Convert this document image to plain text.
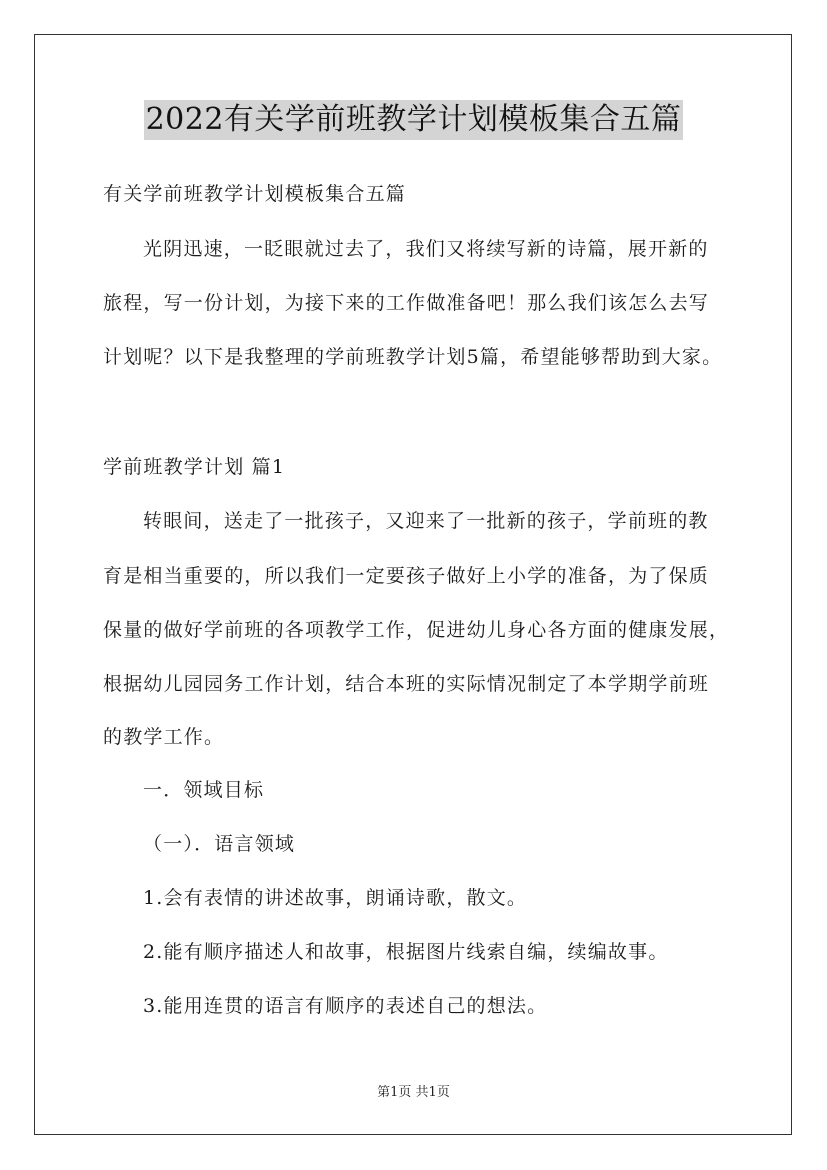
2022有关学前班教学计划模板集合五篇
有关学前班教学计划模板集合五篇
光阴迅速，一眨眼就过去了，我们又将续写新的诗篇，展开新的
旅程，写一份计划，为接下来的工作做准备吧！那么我们该怎么去写
计划呢？以下是我整理的学前班教学计划5篇，希望能够帮助到大家。
学前班教学计划 篇1
转眼间，送走了一批孩子，又迎来了一批新的孩子，学前班的教
育是相当重要的，所以我们一定要孩子做好上小学的准备，为了保质
保量的做好学前班的各项教学工作，促进幼儿身心各方面的健康发展，
根据幼儿园园务工作计划，结合本班的实际情况制定了本学期学前班
的教学工作。
一．领域目标
（一）．语言领域
1.会有表情的讲述故事，朗诵诗歌，散文。
2.能有顺序描述人和故事，根据图片线索自编，续编故事。
3.能用连贯的语言有顺序的表述自己的想法。
第1页 共1页
